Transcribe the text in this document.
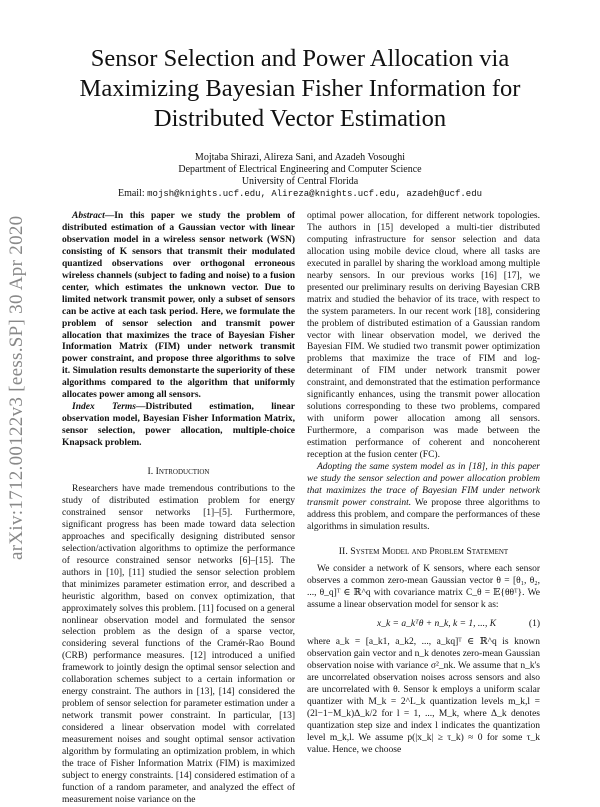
arXiv:1712.00122v3 [eess.SP] 30 Apr 2020
Sensor Selection and Power Allocation via Maximizing Bayesian Fisher Information for Distributed Vector Estimation
Mojtaba Shirazi, Alireza Sani, and Azadeh Vosoughi
Department of Electrical Engineering and Computer Science
University of Central Florida
Email: mojsh@knights.ucf.edu, Alireza@knights.ucf.edu, azadeh@ucf.edu

Abstract—In this paper we study the problem of distributed estimation of a Gaussian vector with linear observation model in a wireless sensor network (WSN) consisting of K sensors that transmit their modulated quantized observations over orthogonal erroneous wireless channels (subject to fading and noise) to a fusion center, which estimates the unknown vector. Due to limited network transmit power, only a subset of sensors can be active at each task period. Here, we formulate the problem of sensor selection and transmit power allocation that maximizes the trace of Bayesian Fisher Information Matrix (FIM) under network transmit power constraint, and propose three algorithms to solve it. Simulation results demonstarte the superiority of these algorithms compared to the algorithm that uniformly allocates power among all sensors.

Index Terms—Distributed estimation, linear observation model, Bayesian Fisher Information Matrix, sensor selection, power allocation, multiple-choice Knapsack problem.

I. Introduction

Researchers have made tremendous contributions to the study of distributed estimation problem for energy constrained sensor networks [1]–[5]. Furthermore, significant progress has been made toward data selection approaches and specifically designing distributed sensor selection/activation algorithms to optimize the performance of resource constrained sensor networks [6]–[15]. The authors in [10], [11] studied the sensor selection problem that minimizes parameter estimation error, and described a heuristic algorithm, based on convex optimization, that approximately solves this problem. [11] focused on a general nonlinear observation model and formulated the sensor selection problem as the design of a sparse vector, considering several functions of the Cramér-Rao Bound (CRB) performance measures. [12] introduced a unified framework to jointly design the optimal sensor selection and collaboration schemes subject to a certain information or energy constraint. The authors in [13], [14] considered the problem of sensor selection for parameter estimation under a network transmit power constraint. In particular, [13] considered a linear observation model with correlated measurement noises and sought optimal sensor activation algorithm by formulating an optimization problem, in which the trace of Fisher Information Matrix (FIM) is maximized subject to energy constraints. [14] considered estimation of a function of a random parameter, and analyzed the effect of measurement noise variance on the

optimal power allocation, for different network topologies. The authors in [15] developed a multi-tier distributed computing infrastructure for sensor selection and data allocation using mobile device cloud, where all tasks are executed in parallel by sharing the workload among multiple nearby sensors. In our previous works [16] [17], we presented our preliminary results on deriving Bayesian CRB matrix and studied the behavior of its trace, with respect to the system parameters. In our recent work [18], considering the problem of distributed estimation of a Gaussian random vector with linear observation model, we derived the Bayesian FIM. We studied two transmit power optimization problems that maximize the trace of FIM and log-determinant of FIM under network transmit power constraint, and demonstrated that the estimation performance significantly enhances, using the transmit power allocation solutions corresponding to these two problems, compared with uniform power allocation among all sensors. Furthermore, a comparison was made between the estimation performance of coherent and noncoherent reception at the fusion center (FC).

Adopting the same system model as in [18], in this paper we study the sensor selection and power allocation problem that maximizes the trace of Bayesian FIM under network transmit power constraint. We propose three algorithms to address this problem, and compare the performances of these algorithms in simulation results.

II. System Model and Problem Statement

We consider a network of K sensors, where each sensor observes a common zero-mean Gaussian vector θ = [θ₁, θ₂, ..., θ_q]ᵀ ∈ ℝ^q with covariance matrix C_θ = 𝔼{θθᵀ}. We assume a linear observation model for sensor k as:

x_k = a_kᵀθ + n_k, k = 1, ..., K	(1)

where a_k = [a_k1, a_k2, ..., a_kq]ᵀ ∈ ℝ^q is known observation gain vector and n_k denotes zero-mean Gaussian observation noise with variance σ²_nk. We assume that n_k's are uncorrelated observation noises across sensors and also are uncorrelated with θ. Sensor k employs a uniform scalar quantizer with M_k = 2^L_k quantization levels m_k,l = (2l−1−M_k)Δ_k/2 for l = 1, ..., M_k, where Δ_k denotes quantization step size and index l indicates the quantization level m_k,l. We assume p(|x_k| ≥ τ_k) ≈ 0 for some τ_k value. Hence, we choose
